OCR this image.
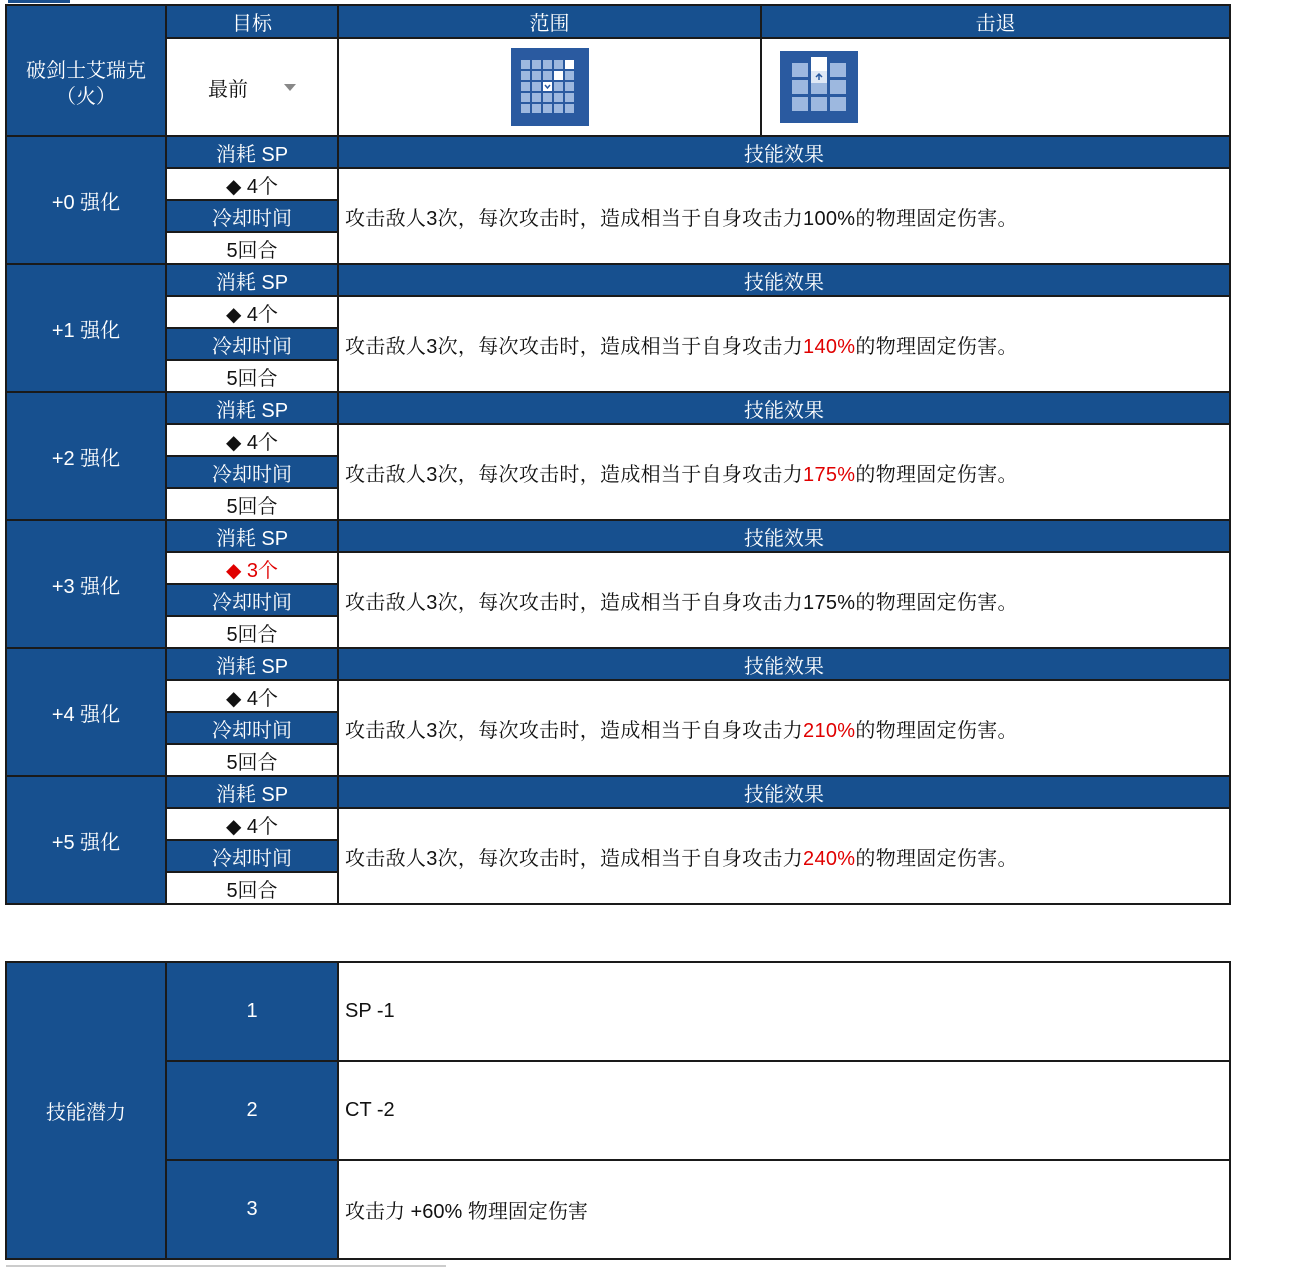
破剑士艾瑞克
（火）	目标	范围	击退

	最前

+0 强化	消耗 SP	技能效果	
	◆ 4个	攻击敌人3次，每次攻击时，造成相当于自身攻击力100%的物理固定伤害。	
	冷却时间		
	5回合		
+1 强化	消耗 SP	技能效果	
	◆ 4个	攻击敌人3次，每次攻击时，造成相当于自身攻击力140%的物理固定伤害。	
	冷却时间		
	5回合		
+2 强化	消耗 SP	技能效果	
	◆ 4个	攻击敌人3次，每次攻击时，造成相当于自身攻击力175%的物理固定伤害。	
	冷却时间		
	5回合		
+3 强化	消耗 SP	技能效果	
	◆ 3个	攻击敌人3次，每次攻击时，造成相当于自身攻击力175%的物理固定伤害。	
	冷却时间		
	5回合		
+4 强化	消耗 SP	技能效果	
	◆ 4个	攻击敌人3次，每次攻击时，造成相当于自身攻击力210%的物理固定伤害。	
	冷却时间		
	5回合		
+5 强化	消耗 SP	技能效果	
	◆ 4个	攻击敌人3次，每次攻击时，造成相当于自身攻击力240%的物理固定伤害。	
	冷却时间		
	5回合		
技能潜力	1	SP -1
	2	CT -2
	3	攻击力 +60% 物理固定伤害
